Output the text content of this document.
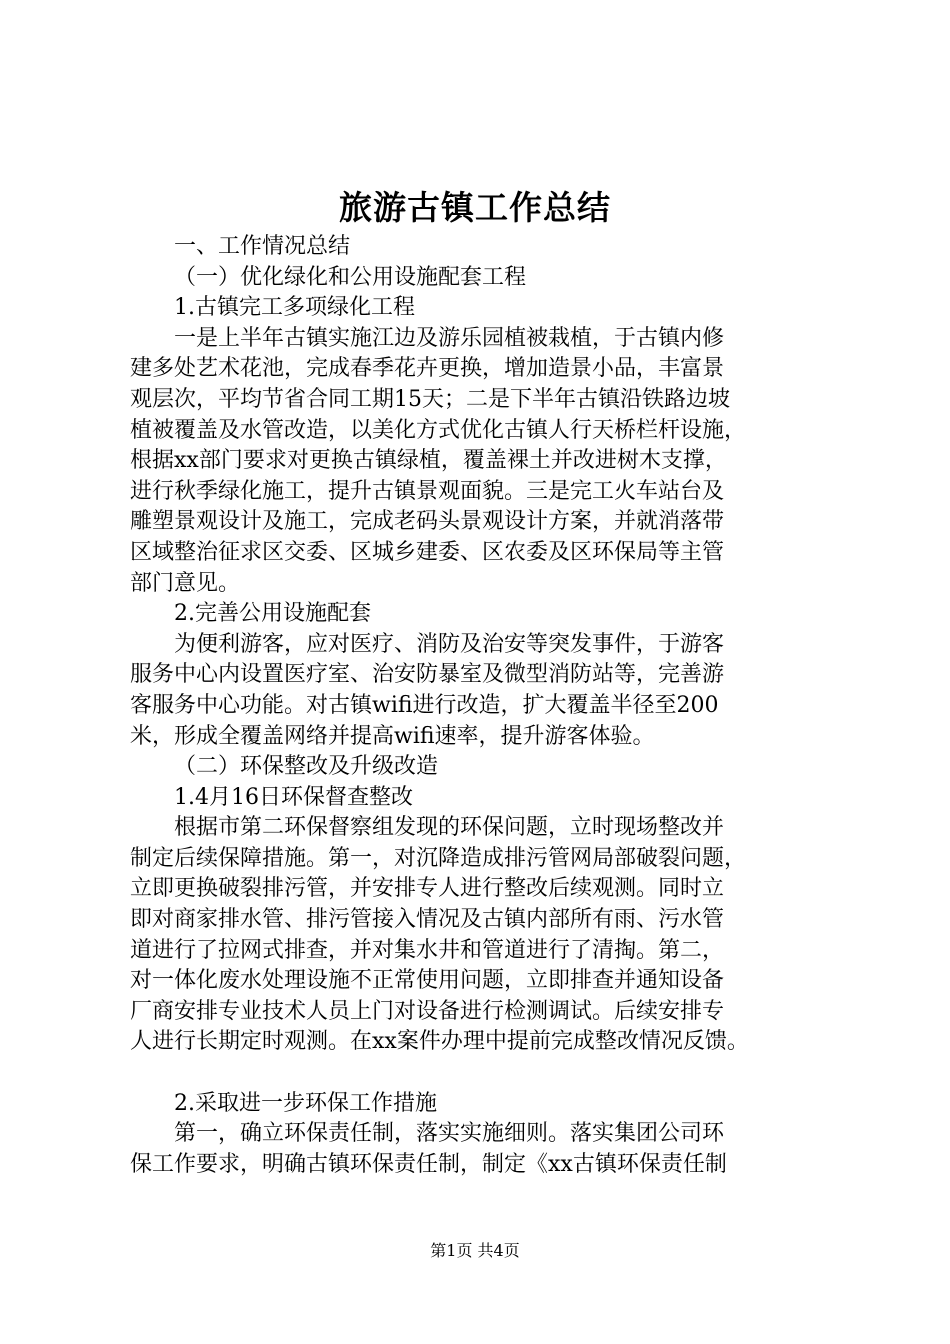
旅游古镇工作总结
一、工作情况总结
（一）优化绿化和公用设施配套工程
1.古镇完工多项绿化工程
一是上半年古镇实施江边及游乐园植被栽植，于古镇内修
建多处艺术花池，完成春季花卉更换，增加造景小品，丰富景
观层次，平均节省合同工期15天；二是下半年古镇沿铁路边坡
植被覆盖及水管改造，以美化方式优化古镇人行天桥栏杆设施，
根据xx部门要求对更换古镇绿植，覆盖裸土并改进树木支撑，
进行秋季绿化施工，提升古镇景观面貌。三是完工火车站台及
雕塑景观设计及施工，完成老码头景观设计方案，并就消落带
区域整治征求区交委、区城乡建委、区农委及区环保局等主管
部门意见。
2.完善公用设施配套
为便利游客，应对医疗、消防及治安等突发事件，于游客
服务中心内设置医疗室、治安防暴室及微型消防站等，完善游
客服务中心功能。对古镇wifi进行改造，扩大覆盖半径至200
米，形成全覆盖网络并提高wifi速率，提升游客体验。
（二）环保整改及升级改造
1.4月16日环保督查整改
根据市第二环保督察组发现的环保问题，立时现场整改并
制定后续保障措施。第一，对沉降造成排污管网局部破裂问题，
立即更换破裂排污管，并安排专人进行整改后续观测。同时立
即对商家排水管、排污管接入情况及古镇内部所有雨、污水管
道进行了拉网式排查，并对集水井和管道进行了清掏。第二，
对一体化废水处理设施不正常使用问题，立即排查并通知设备
厂商安排专业技术人员上门对设备进行检测调试。后续安排专
人进行长期定时观测。在xx案件办理中提前完成整改情况反馈。
2.采取进一步环保工作措施
第一，确立环保责任制，落实实施细则。落实集团公司环
保工作要求，明确古镇环保责任制，制定《xx古镇环保责任制
第1页 共4页
